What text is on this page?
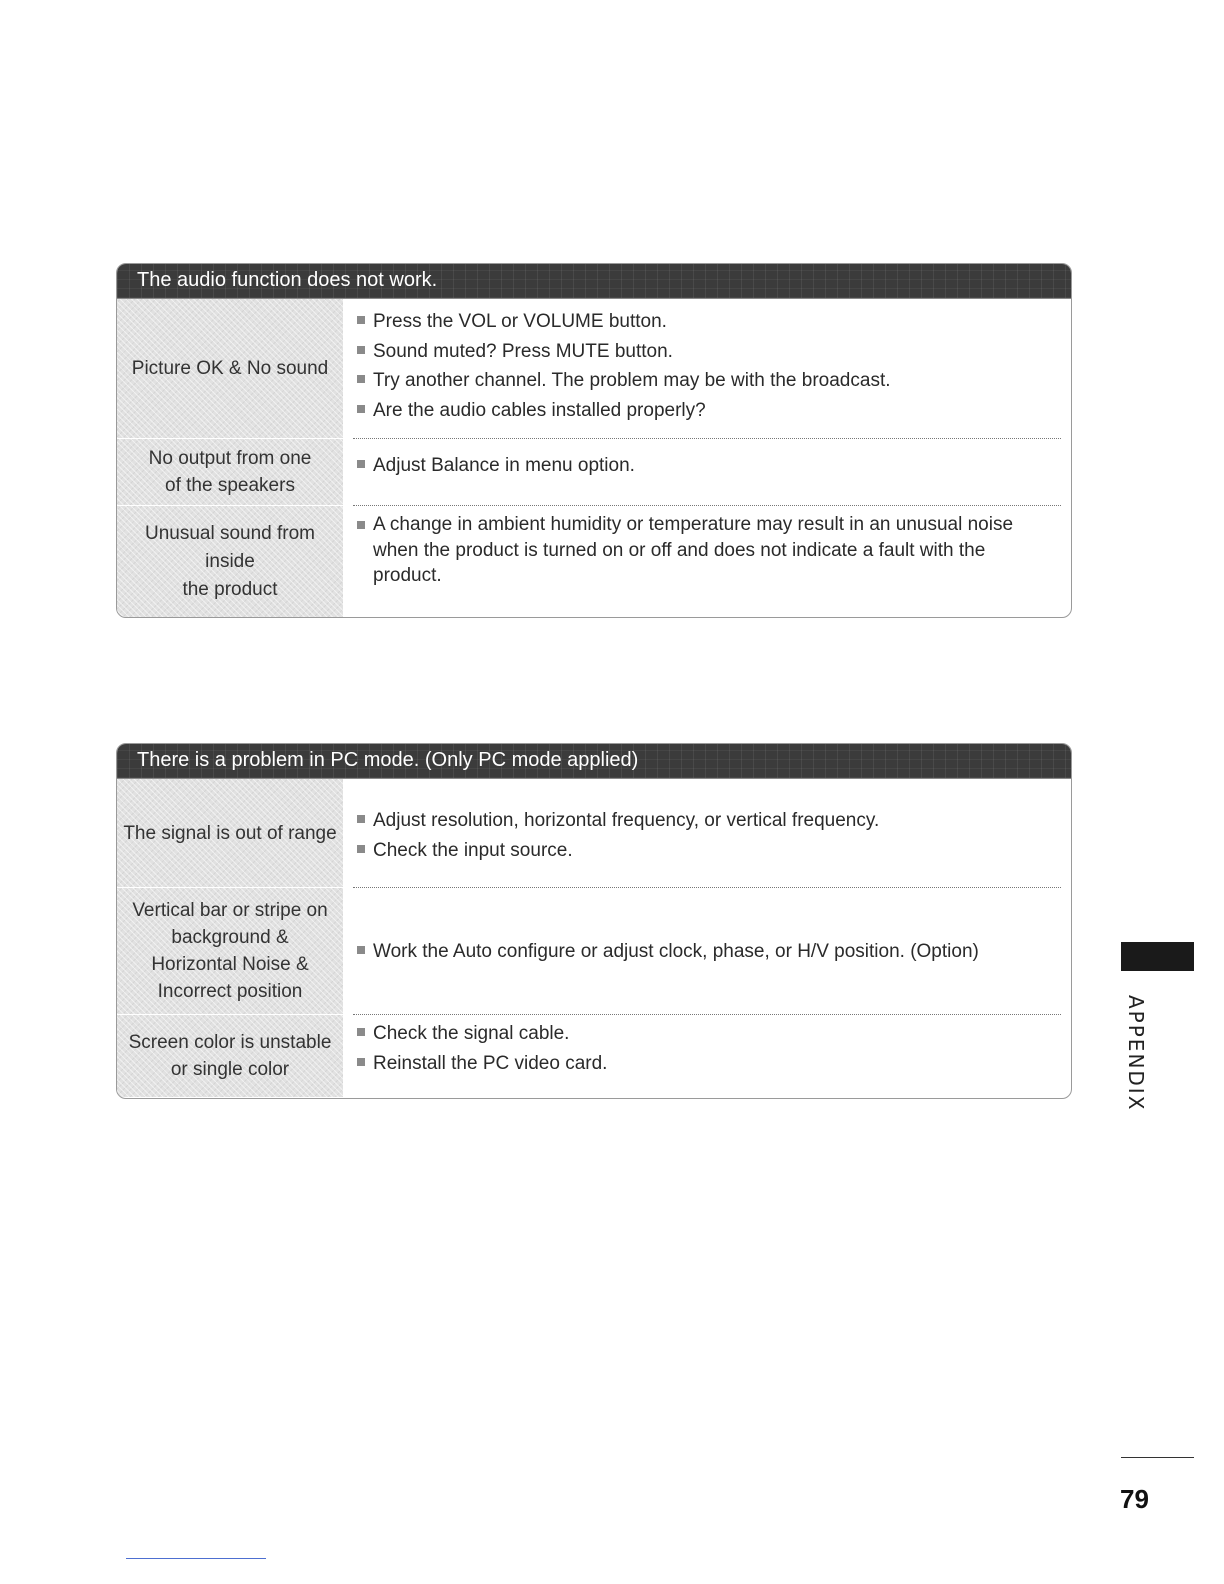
The audio function does not work.
Picture OK & No sound
Press the VOL or VOLUME button.
Sound muted? Press MUTE button.
Try another channel. The problem may be with the broadcast.
Are the audio cables installed properly?
No output from one
of the speakers
Adjust Balance in menu option.
Unusual sound from
inside
the product
A change in ambient humidity or temperature may result in an unusual noise
when the product is turned on or off and does not indicate a fault with the
product.
There is a problem in PC mode. (Only PC mode applied)
The signal is out of range
Adjust resolution, horizontal frequency, or vertical frequency.
Check the input source.
Vertical bar or stripe on
background &
Horizontal Noise &
Incorrect position
Work the Auto configure or adjust clock, phase, or H/V position. (Option)
Screen color is unstable
or single color
Check the signal cable.
Reinstall the PC video card.	APPENDIX
79
